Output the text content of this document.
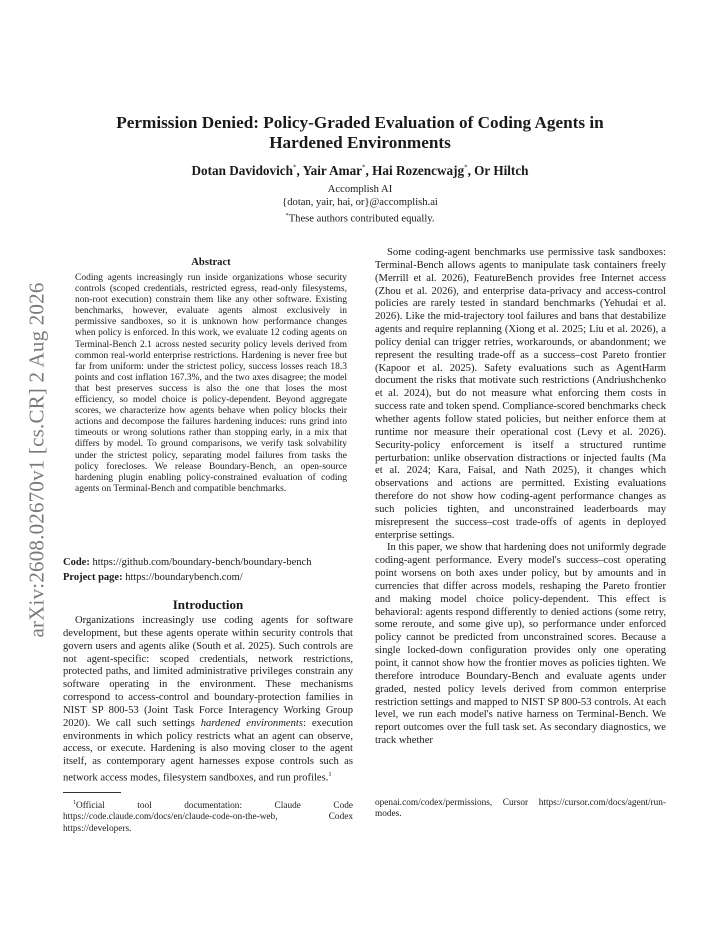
arXiv:2608.02670v1 [cs.CR] 2 Aug 2026
Permission Denied: Policy-Graded Evaluation of Coding Agents in Hardened Environments
Dotan Davidovich*, Yair Amar*, Hai Rozencwajg*, Or Hiltch
Accomplish AI
{dotan, yair, hai, or}@accomplish.ai
*These authors contributed equally.
Abstract

Coding agents increasingly run inside organizations whose security controls (scoped credentials, restricted egress, read-only filesystems, non-root execution) constrain them like any other software. Existing benchmarks, however, evaluate agents almost exclusively in permissive sandboxes, so it is unknown how performance changes when policy is enforced. In this work, we evaluate 12 coding agents on Terminal-Bench 2.1 across nested security policy levels derived from common real-world enterprise restrictions. Hardening is never free but far from uniform: under the strictest policy, success losses reach 18.3 points and cost inflation 167.3%, and the two axes disagree; the model that best preserves success is also the one that loses the most efficiency, so model choice is policy-dependent. Beyond aggregate scores, we characterize how agents behave when policy blocks their actions and decompose the failures hardening induces: runs grind into timeouts or wrong solutions rather than stopping early, in a mix that differs by model. To ground comparisons, we verify task solvability under the strictest policy, separating model failures from tasks the policy forecloses. We release Boundary-Bench, an open-source hardening plugin enabling policy-constrained evaluation of coding agents on Terminal-Bench and compatible benchmarks.

Code: https://github.com/boundary-bench/boundary-bench
Project page: https://boundarybench.com/
Introduction

Organizations increasingly use coding agents for software development, but these agents operate within security controls that govern users and agents alike (South et al. 2025). Such controls are not agent-specific: scoped credentials, network restrictions, protected paths, and limited administrative privileges constrain any software operating in the environment. These mechanisms correspond to access-control and boundary-protection families in NIST SP 800-53 (Joint Task Force Interagency Working Group 2020). We call such settings hardened environments: execution environments in which policy restricts what an agent can observe, access, or execute. Hardening is also moving closer to the agent itself, as contemporary agent harnesses expose controls such as network access modes, filesystem sandboxes, and run profiles.$^1$

Some coding-agent benchmarks use permissive task sandboxes: Terminal-Bench allows agents to manipulate task containers freely (Merrill et al. 2026), FeatureBench provides free Internet access (Zhou et al. 2026), and enterprise data-privacy and access-control policies are rarely tested in standard benchmarks (Yehudai et al. 2026). Like the mid-trajectory tool failures and bans that destabilize agents and require replanning (Xiong et al. 2025; Liu et al. 2026), a policy denial can trigger retries, workarounds, or abandonment; we represent the resulting trade-off as a success–cost Pareto frontier (Kapoor et al. 2025). Safety evaluations such as AgentHarm document the risks that motivate such restrictions (Andriushchenko et al. 2024), but do not measure what enforcing them costs in success rate and token spend. Compliance-scored benchmarks check whether agents follow stated policies, but neither enforce them at runtime nor measure their operational cost (Levy et al. 2026). Security-policy enforcement is itself a structured runtime perturbation: unlike observation distractions or injected faults (Ma et al. 2024; Kara, Faisal, and Nath 2025), it changes which observations and actions are permitted. Existing evaluations therefore do not show how coding-agent performance changes as such policies tighten, and unconstrained leaderboards may misrepresent the success–cost trade-offs of agents in deployed enterprise settings.

In this paper, we show that hardening does not uniformly degrade coding-agent performance. Every model's success–cost operating point worsens on both axes under policy, but by amounts and in currencies that differ across models, reshaping the Pareto frontier and making model choice policy-dependent. This effect is behavioral: agents respond differently to denied actions (some retry, some reroute, and some give up), so performance under enforced policy cannot be predicted from unconstrained scores. Because a single locked-down configuration provides only one operating point, it cannot show how the frontier moves as policies tighten. We therefore introduce Boundary-Bench and evaluate agents under graded, nested policy levels derived from common enterprise restriction settings and mapped to NIST SP 800-53 controls. At each level, we run each model's native harness on Terminal-Bench. We report outcomes over the full task set. As secondary diagnostics, we track whether

$^1$Official tool documentation: Claude Code https://code.claude.com/docs/en/claude-code-on-the-web, Codex https://developers.

openai.com/codex/permissions, Cursor https://cursor.com/docs/agent/run-modes.
